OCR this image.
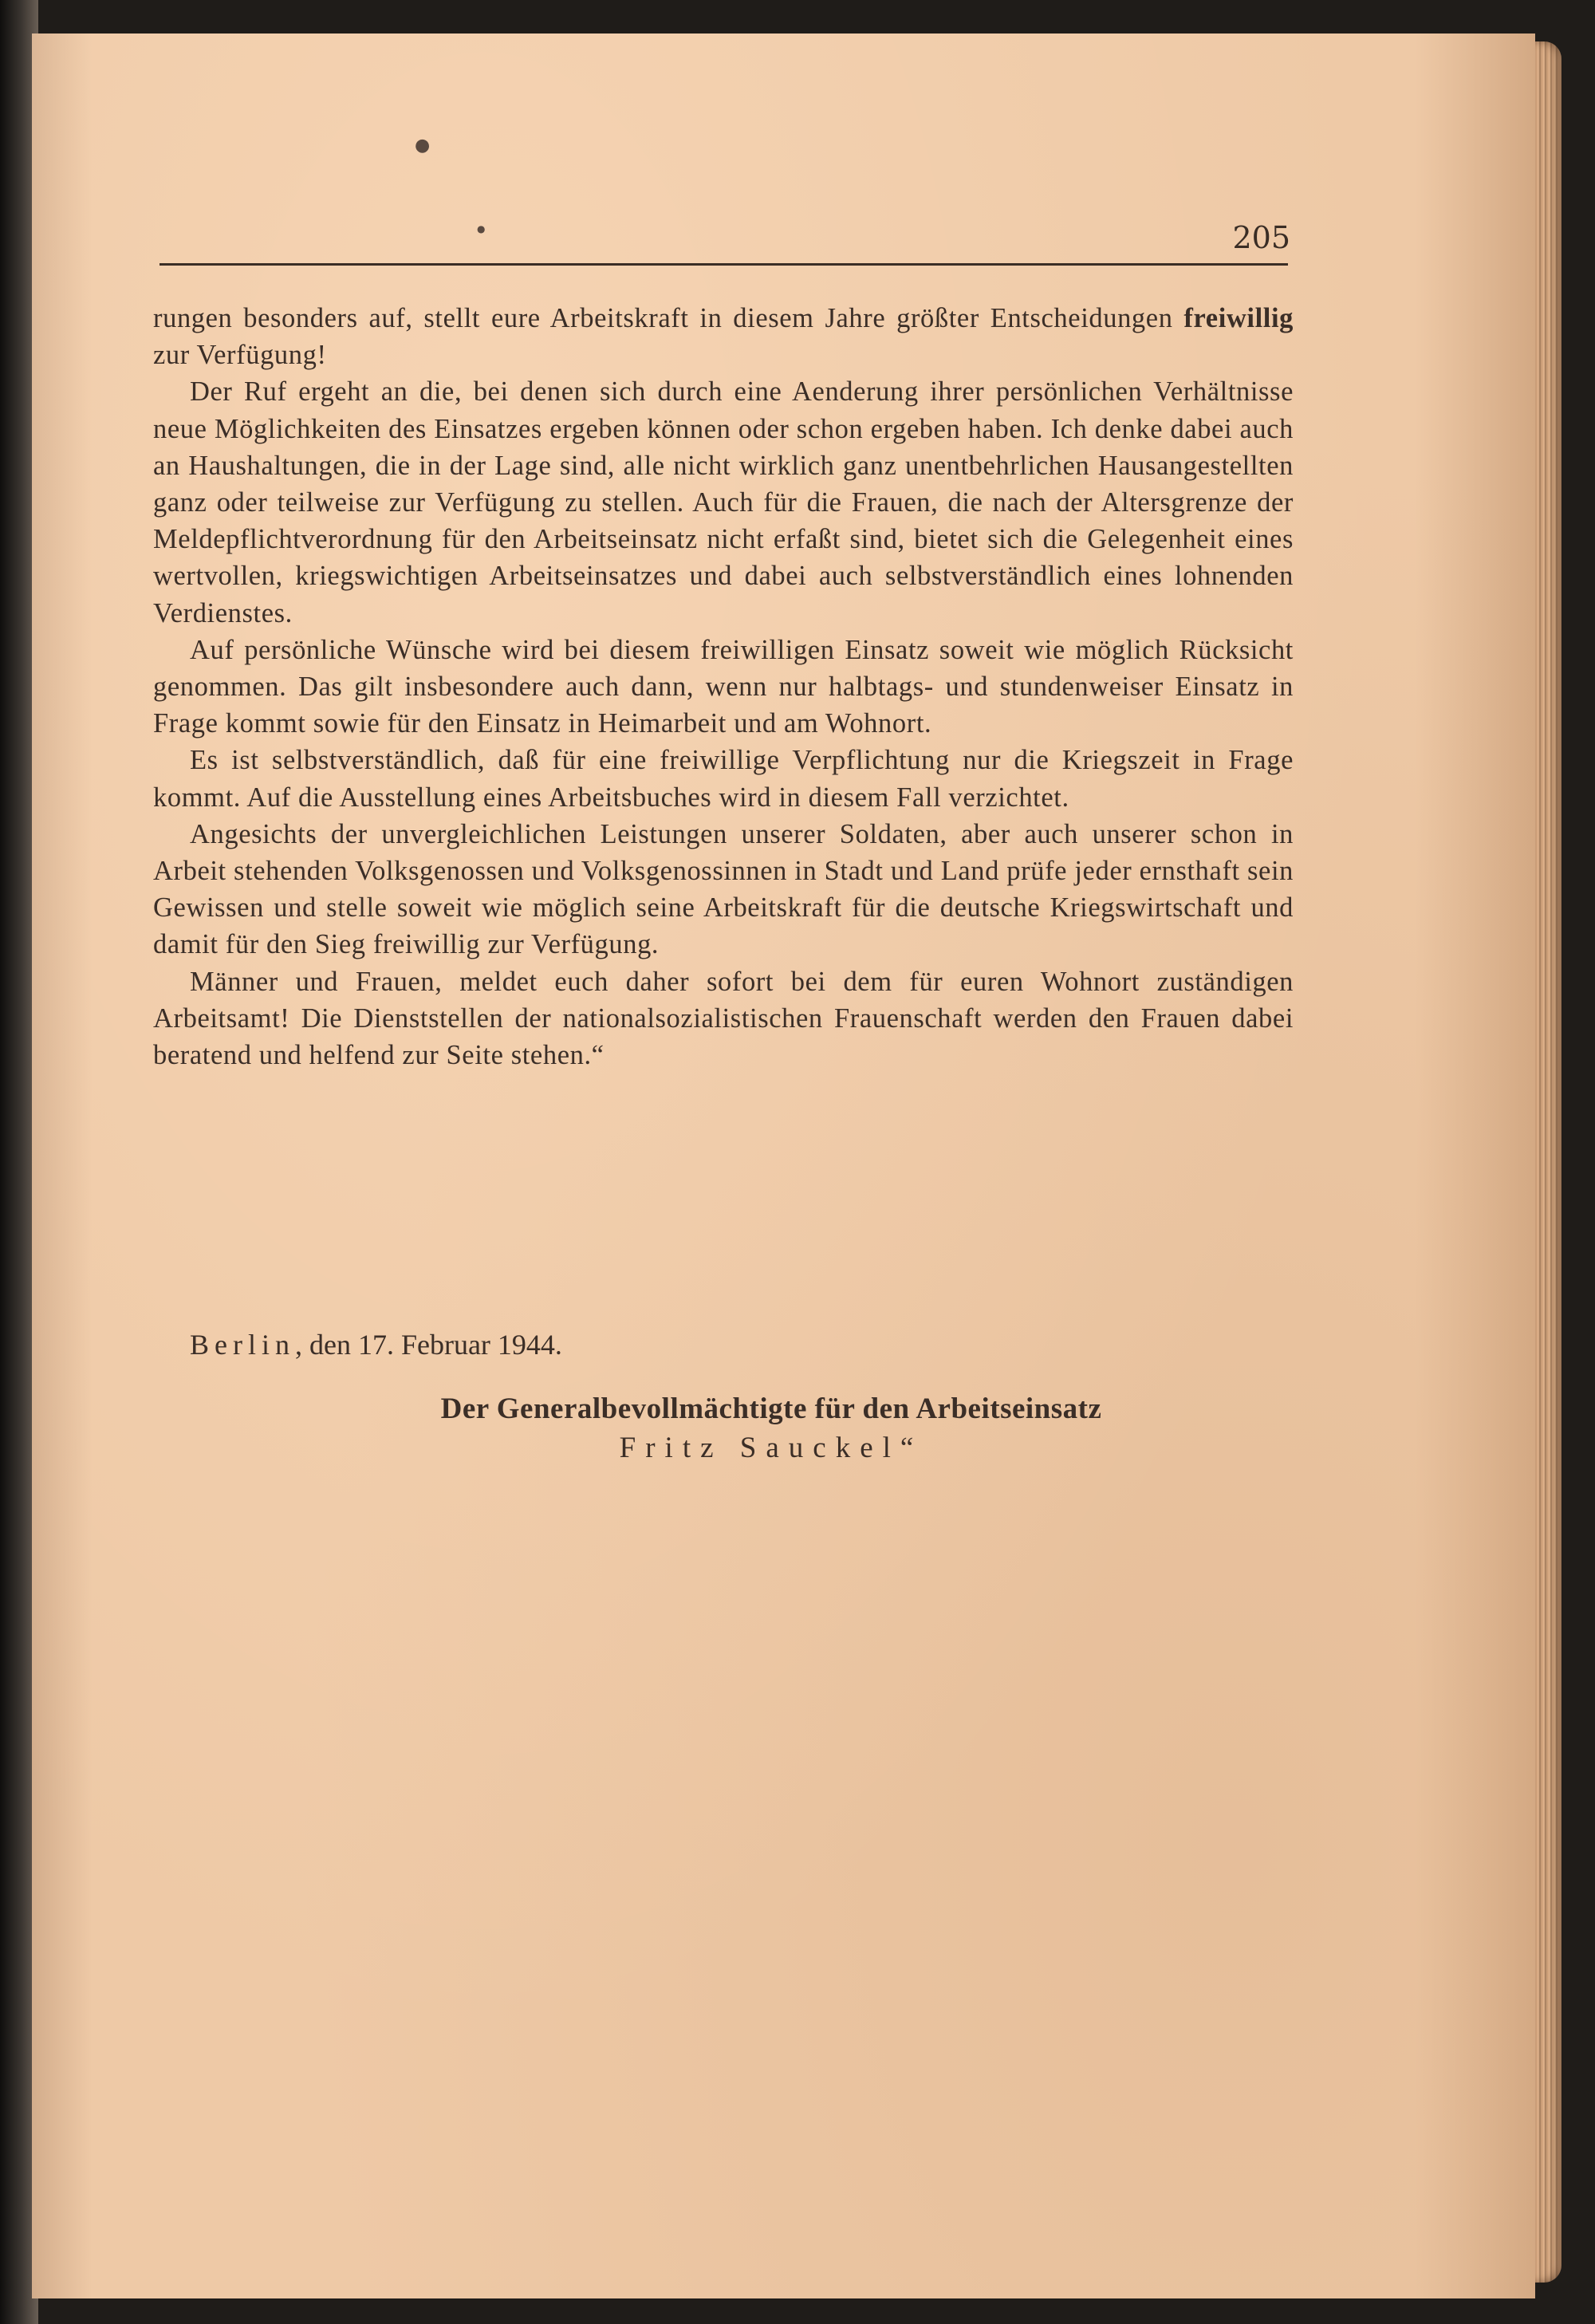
●
●	205

rungen besonders auf, stellt eure Arbeitskraft in diesem Jahre größter Entscheidungen freiwillig zur Verfügung!

Der Ruf ergeht an die, bei denen sich durch eine Aenderung ihrer persönlichen Verhältnisse neue Möglichkeiten des Einsatzes ergeben können oder schon ergeben haben. Ich denke dabei auch an Haushaltungen, die in der Lage sind, alle nicht wirklich ganz unentbehrlichen Hausangestellten ganz oder teilweise zur Verfügung zu stellen. Auch für die Frauen, die nach der Altersgrenze der Meldepflichtverordnung für den Arbeitseinsatz nicht erfaßt sind, bietet sich die Gelegenheit eines wertvollen, kriegswichtigen Arbeitseinsatzes und dabei auch selbstverständlich eines lohnenden Verdienstes.

Auf persönliche Wünsche wird bei diesem freiwilligen Einsatz soweit wie möglich Rücksicht genommen. Das gilt insbesondere auch dann, wenn nur halbtags- und stundenweiser Einsatz in Frage kommt sowie für den Einsatz in Heimarbeit und am Wohnort.

Es ist selbstverständlich, daß für eine freiwillige Verpflichtung nur die Kriegszeit in Frage kommt. Auf die Ausstellung eines Arbeitsbuches wird in diesem Fall verzichtet.

Angesichts der unvergleichlichen Leistungen unserer Soldaten, aber auch unserer schon in Arbeit stehenden Volksgenossen und Volksgenossinnen in Stadt und Land prüfe jeder ernsthaft sein Gewissen und stelle soweit wie möglich seine Arbeitskraft für die deutsche Kriegswirtschaft und damit für den Sieg freiwillig zur Verfügung.

Männer und Frauen, meldet euch daher sofort bei dem für euren Wohnort zuständigen Arbeitsamt! Die Dienststellen der nationalsozialistischen Frauenschaft werden den Frauen dabei beratend und helfend zur Seite stehen.“

Berlin, den 17. Februar 1944.
Der Generalbevollmächtigte für den Arbeitseinsatz
Fritz Sauckel“
